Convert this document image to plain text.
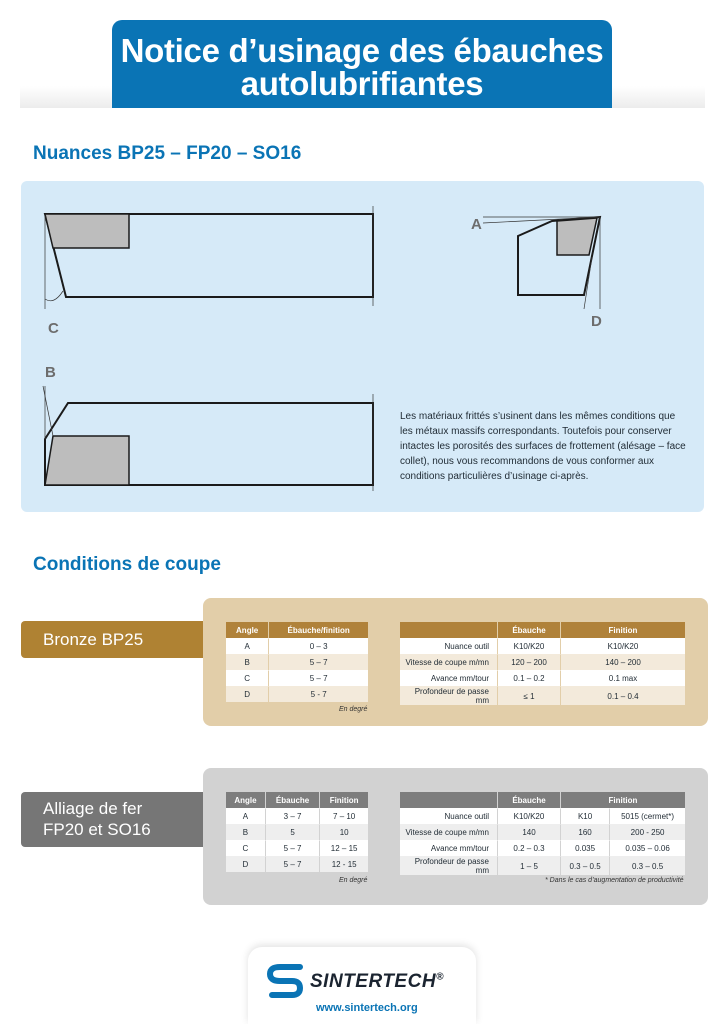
Notice d’usinage des ébauches
autolubrifiantes
Nuances BP25 – FP20 – SO16
C
A
D
B
Les matériaux frittés s’usinent dans les mêmes conditions que les métaux massifs correspondants. Toutefois pour conserver intactes les porosités des surfaces de frottement (alésage – face collet), nous vous recommandons de vous conformer aux conditions particulières d’usinage ci-après.
Conditions de coupe
Bronze BP25	Angle	Ébauche/finition
A	0 – 3
B	5 – 7
C	5 – 7
D	5 - 7
En degré
	Ébauche	Finition
Nuance outil	K10/K20	K10/K20
Vitesse de coupe m/mn	120 – 200	140 – 200
Avance mm/tour	0.1 – 0.2	0.1 max
Profondeur de passe mm	≤ 1	0.1 – 0.4
Alliage de fer
FP20 et SO16
Angle	Ébauche	Finition
A	3 – 7	7 – 10
B	5	10
C	5 – 7	12 – 15
D	5 – 7	12 - 15
En degré
	Ébauche	Finition	
Nuance outil	K10/K20	K10	5015 (cermet*)
Vitesse de coupe m/mn	140	160	200 - 250
Avance mm/tour	0.2 – 0.3	0.035	0.035 – 0.06
Profondeur de passe mm	1 – 5	0.3 – 0.5	0.3 – 0.5
* Dans le cas d’augmentation de productivité
SINTERTECH®
www.sintertech.org
